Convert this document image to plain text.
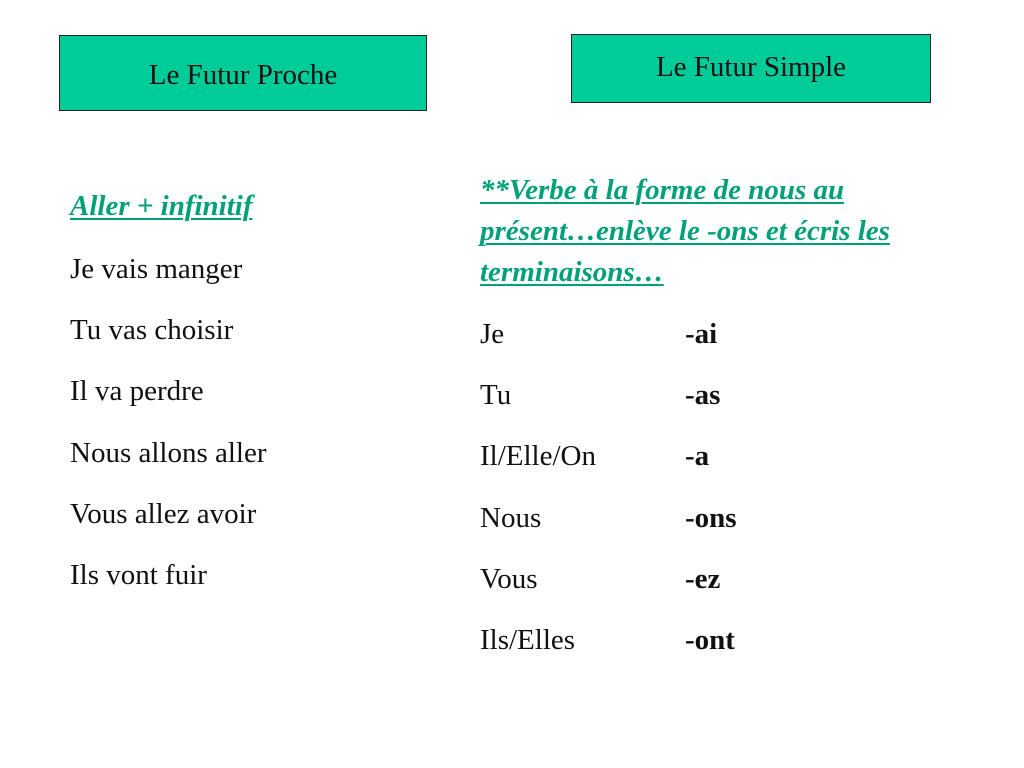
Le Futur Proche	Le Futur Simple
Aller + infinitif	**Verbe à la forme de nous au
présent…enlève le -ons et écris les
terminaisons…
Je vais manger
Tu vas choisir
Il va perdre
Nous allons aller
Vous allez avoir
Ils vont fuir
Je
Tu
Il/Elle/On
Nous
Vous
Ils/Elles
-ai
-as
-a
-ons
-ez
-ont
